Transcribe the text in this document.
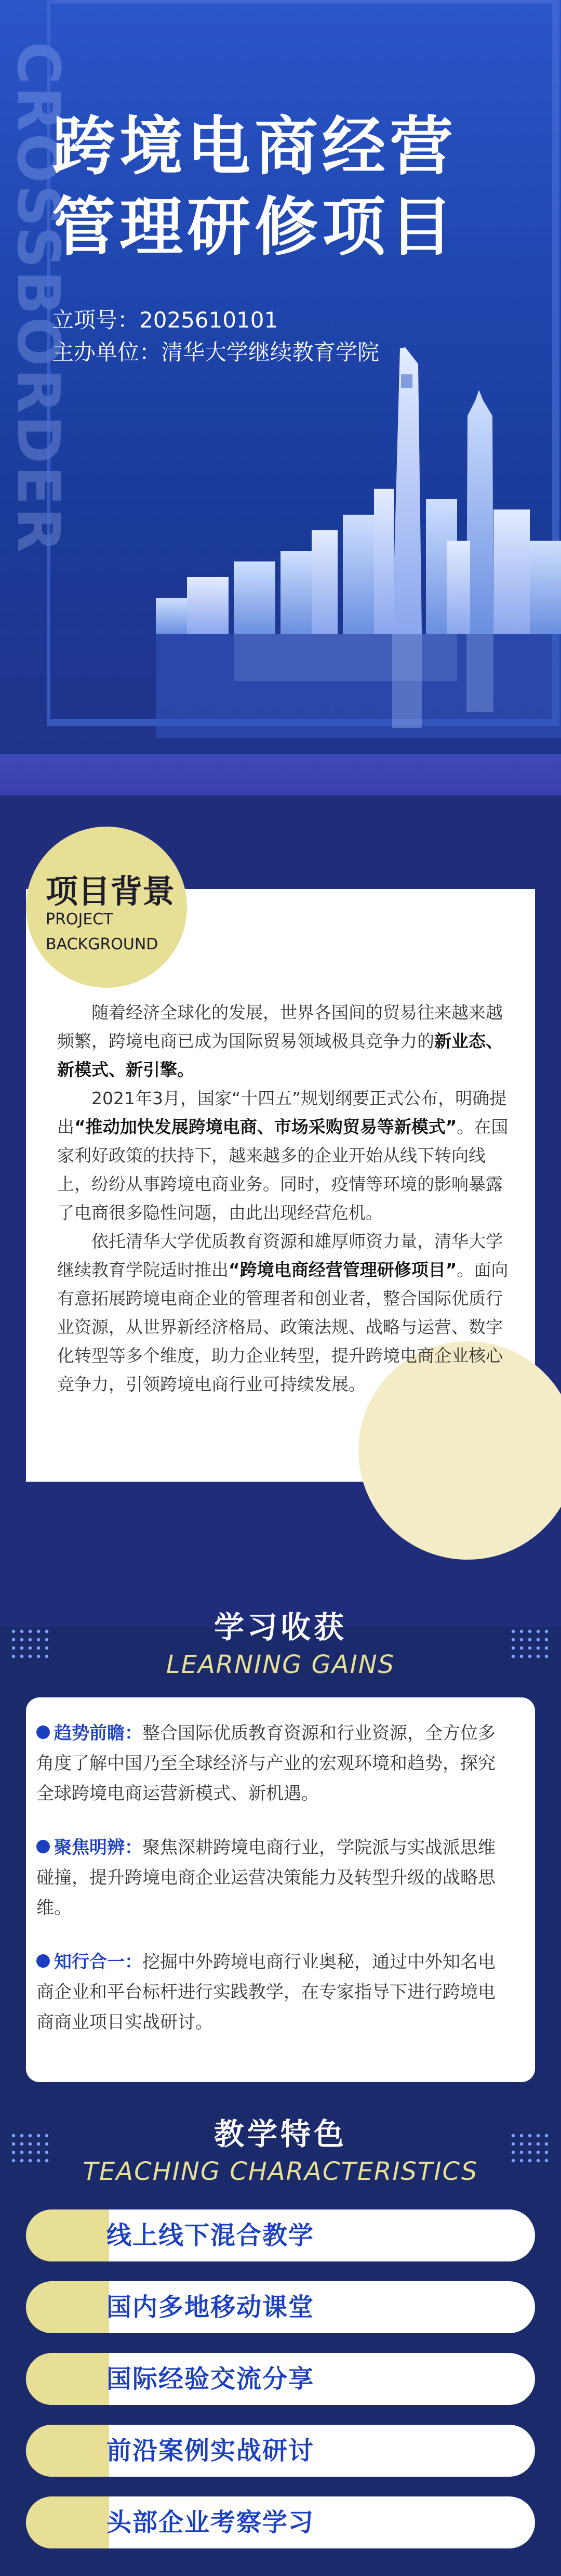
CROSSBORDER
跨境电商经营
管理研修项目
立项号：2025610101
主办单位：清华大学继续教育学院
项目背景
PROJECT
BACKGROUND

随着经济全球化的发展，世界各国间的贸易往来越来越频繁，跨境电商已成为国际贸易领域极具竞争力的新业态、新模式、新引擎。

2021年3月，国家“十四五”规划纲要正式公布，明确提出“推动加快发展跨境电商、市场采购贸易等新模式”。在国家利好政策的扶持下，越来越多的企业开始从线下转向线上，纷纷从事跨境电商业务。同时，疫情等环境的影响暴露了电商很多隐性问题，由此出现经营危机。

依托清华大学优质教育资源和雄厚师资力量，清华大学继续教育学院适时推出“跨境电商经营管理研修项目”。面向有意拓展跨境电商企业的管理者和创业者，整合国际优质行业资源，从世界新经济格局、政策法规、战略与运营、数字化转型等多个维度，助力企业转型，提升跨境电商企业核心竞争力，引领跨境电商行业可持续发展。

学习收获
LEARNING GAINS
趋势前瞻：整合国际优质教育资源和行业资源，全方位多角度了解中国乃至全球经济与产业的宏观环境和趋势，探究全球跨境电商运营新模式、新机遇。
聚焦明辨：聚焦深耕跨境电商行业，学院派与实战派思维碰撞，提升跨境电商企业运营决策能力及转型升级的战略思维。
知行合一：挖掘中外跨境电商行业奥秘，通过中外知名电商企业和平台标杆进行实践教学，在专家指导下进行跨境电商商业项目实战研讨。
教学特色
TEACHING CHARACTERISTICS
线上线下混合教学
国内多地移动课堂
国际经验交流分享
前沿案例实战研讨
头部企业考察学习
